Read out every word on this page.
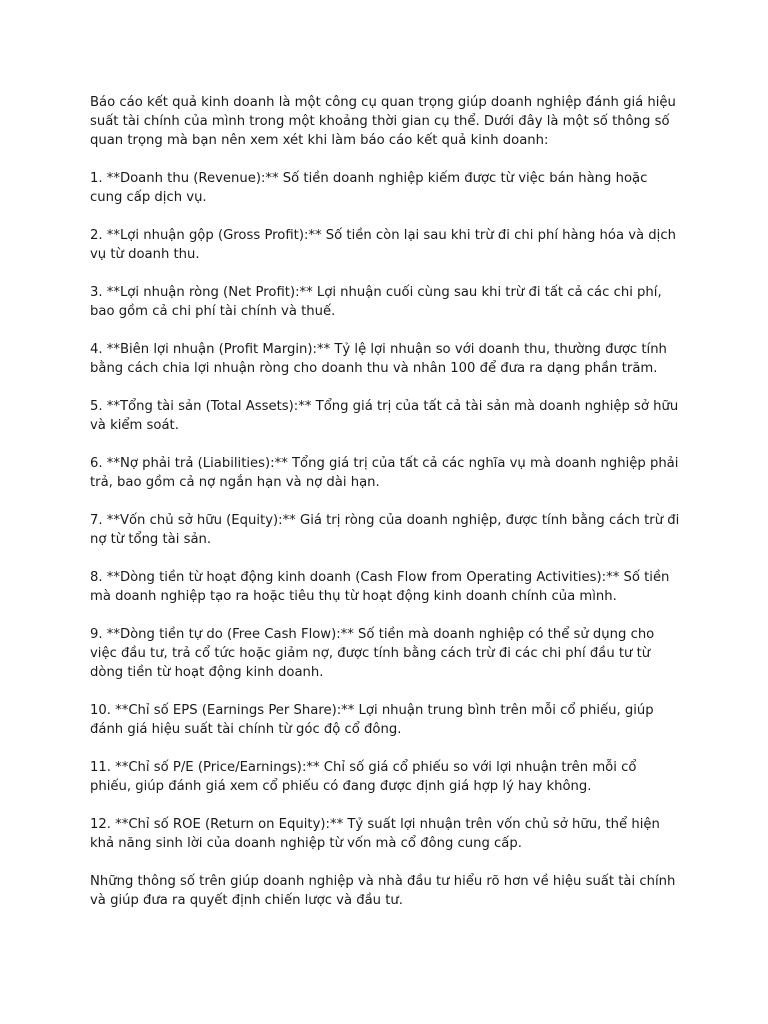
Báo cáo kết quả kinh doanh là một công cụ quan trọng giúp doanh nghiệp đánh giá hiệu suất tài chính của mình trong một khoảng thời gian cụ thể. Dưới đây là một số thông số quan trọng mà bạn nên xem xét khi làm báo cáo kết quả kinh doanh:

1. **Doanh thu (Revenue):** Số tiền doanh nghiệp kiếm được từ việc bán hàng hoặc cung cấp dịch vụ.

2. **Lợi nhuận gộp (Gross Profit):** Số tiền còn lại sau khi trừ đi chi phí hàng hóa và dịch vụ từ doanh thu.

3. **Lợi nhuận ròng (Net Profit):** Lợi nhuận cuối cùng sau khi trừ đi tất cả các chi phí, bao gồm cả chi phí tài chính và thuế.

4. **Biên lợi nhuận (Profit Margin):** Tỷ lệ lợi nhuận so với doanh thu, thường được tính bằng cách chia lợi nhuận ròng cho doanh thu và nhân 100 để đưa ra dạng phần trăm.

5. **Tổng tài sản (Total Assets):** Tổng giá trị của tất cả tài sản mà doanh nghiệp sở hữu và kiểm soát.

6. **Nợ phải trả (Liabilities):** Tổng giá trị của tất cả các nghĩa vụ mà doanh nghiệp phải trả, bao gồm cả nợ ngắn hạn và nợ dài hạn.

7. **Vốn chủ sở hữu (Equity):** Giá trị ròng của doanh nghiệp, được tính bằng cách trừ đi nợ từ tổng tài sản.

8. **Dòng tiền từ hoạt động kinh doanh (Cash Flow from Operating Activities):** Số tiền mà doanh nghiệp tạo ra hoặc tiêu thụ từ hoạt động kinh doanh chính của mình.

9. **Dòng tiền tự do (Free Cash Flow):** Số tiền mà doanh nghiệp có thể sử dụng cho việc đầu tư, trả cổ tức hoặc giảm nợ, được tính bằng cách trừ đi các chi phí đầu tư từ dòng tiền từ hoạt động kinh doanh.

10. **Chỉ số EPS (Earnings Per Share):** Lợi nhuận trung bình trên mỗi cổ phiếu, giúp đánh giá hiệu suất tài chính từ góc độ cổ đông.

11. **Chỉ số P/E (Price/Earnings):** Chỉ số giá cổ phiếu so với lợi nhuận trên mỗi cổ phiếu, giúp đánh giá xem cổ phiếu có đang được định giá hợp lý hay không.

12. **Chỉ số ROE (Return on Equity):** Tỷ suất lợi nhuận trên vốn chủ sở hữu, thể hiện khả năng sinh lời của doanh nghiệp từ vốn mà cổ đông cung cấp.

Những thông số trên giúp doanh nghiệp và nhà đầu tư hiểu rõ hơn về hiệu suất tài chính và giúp đưa ra quyết định chiến lược và đầu tư.
